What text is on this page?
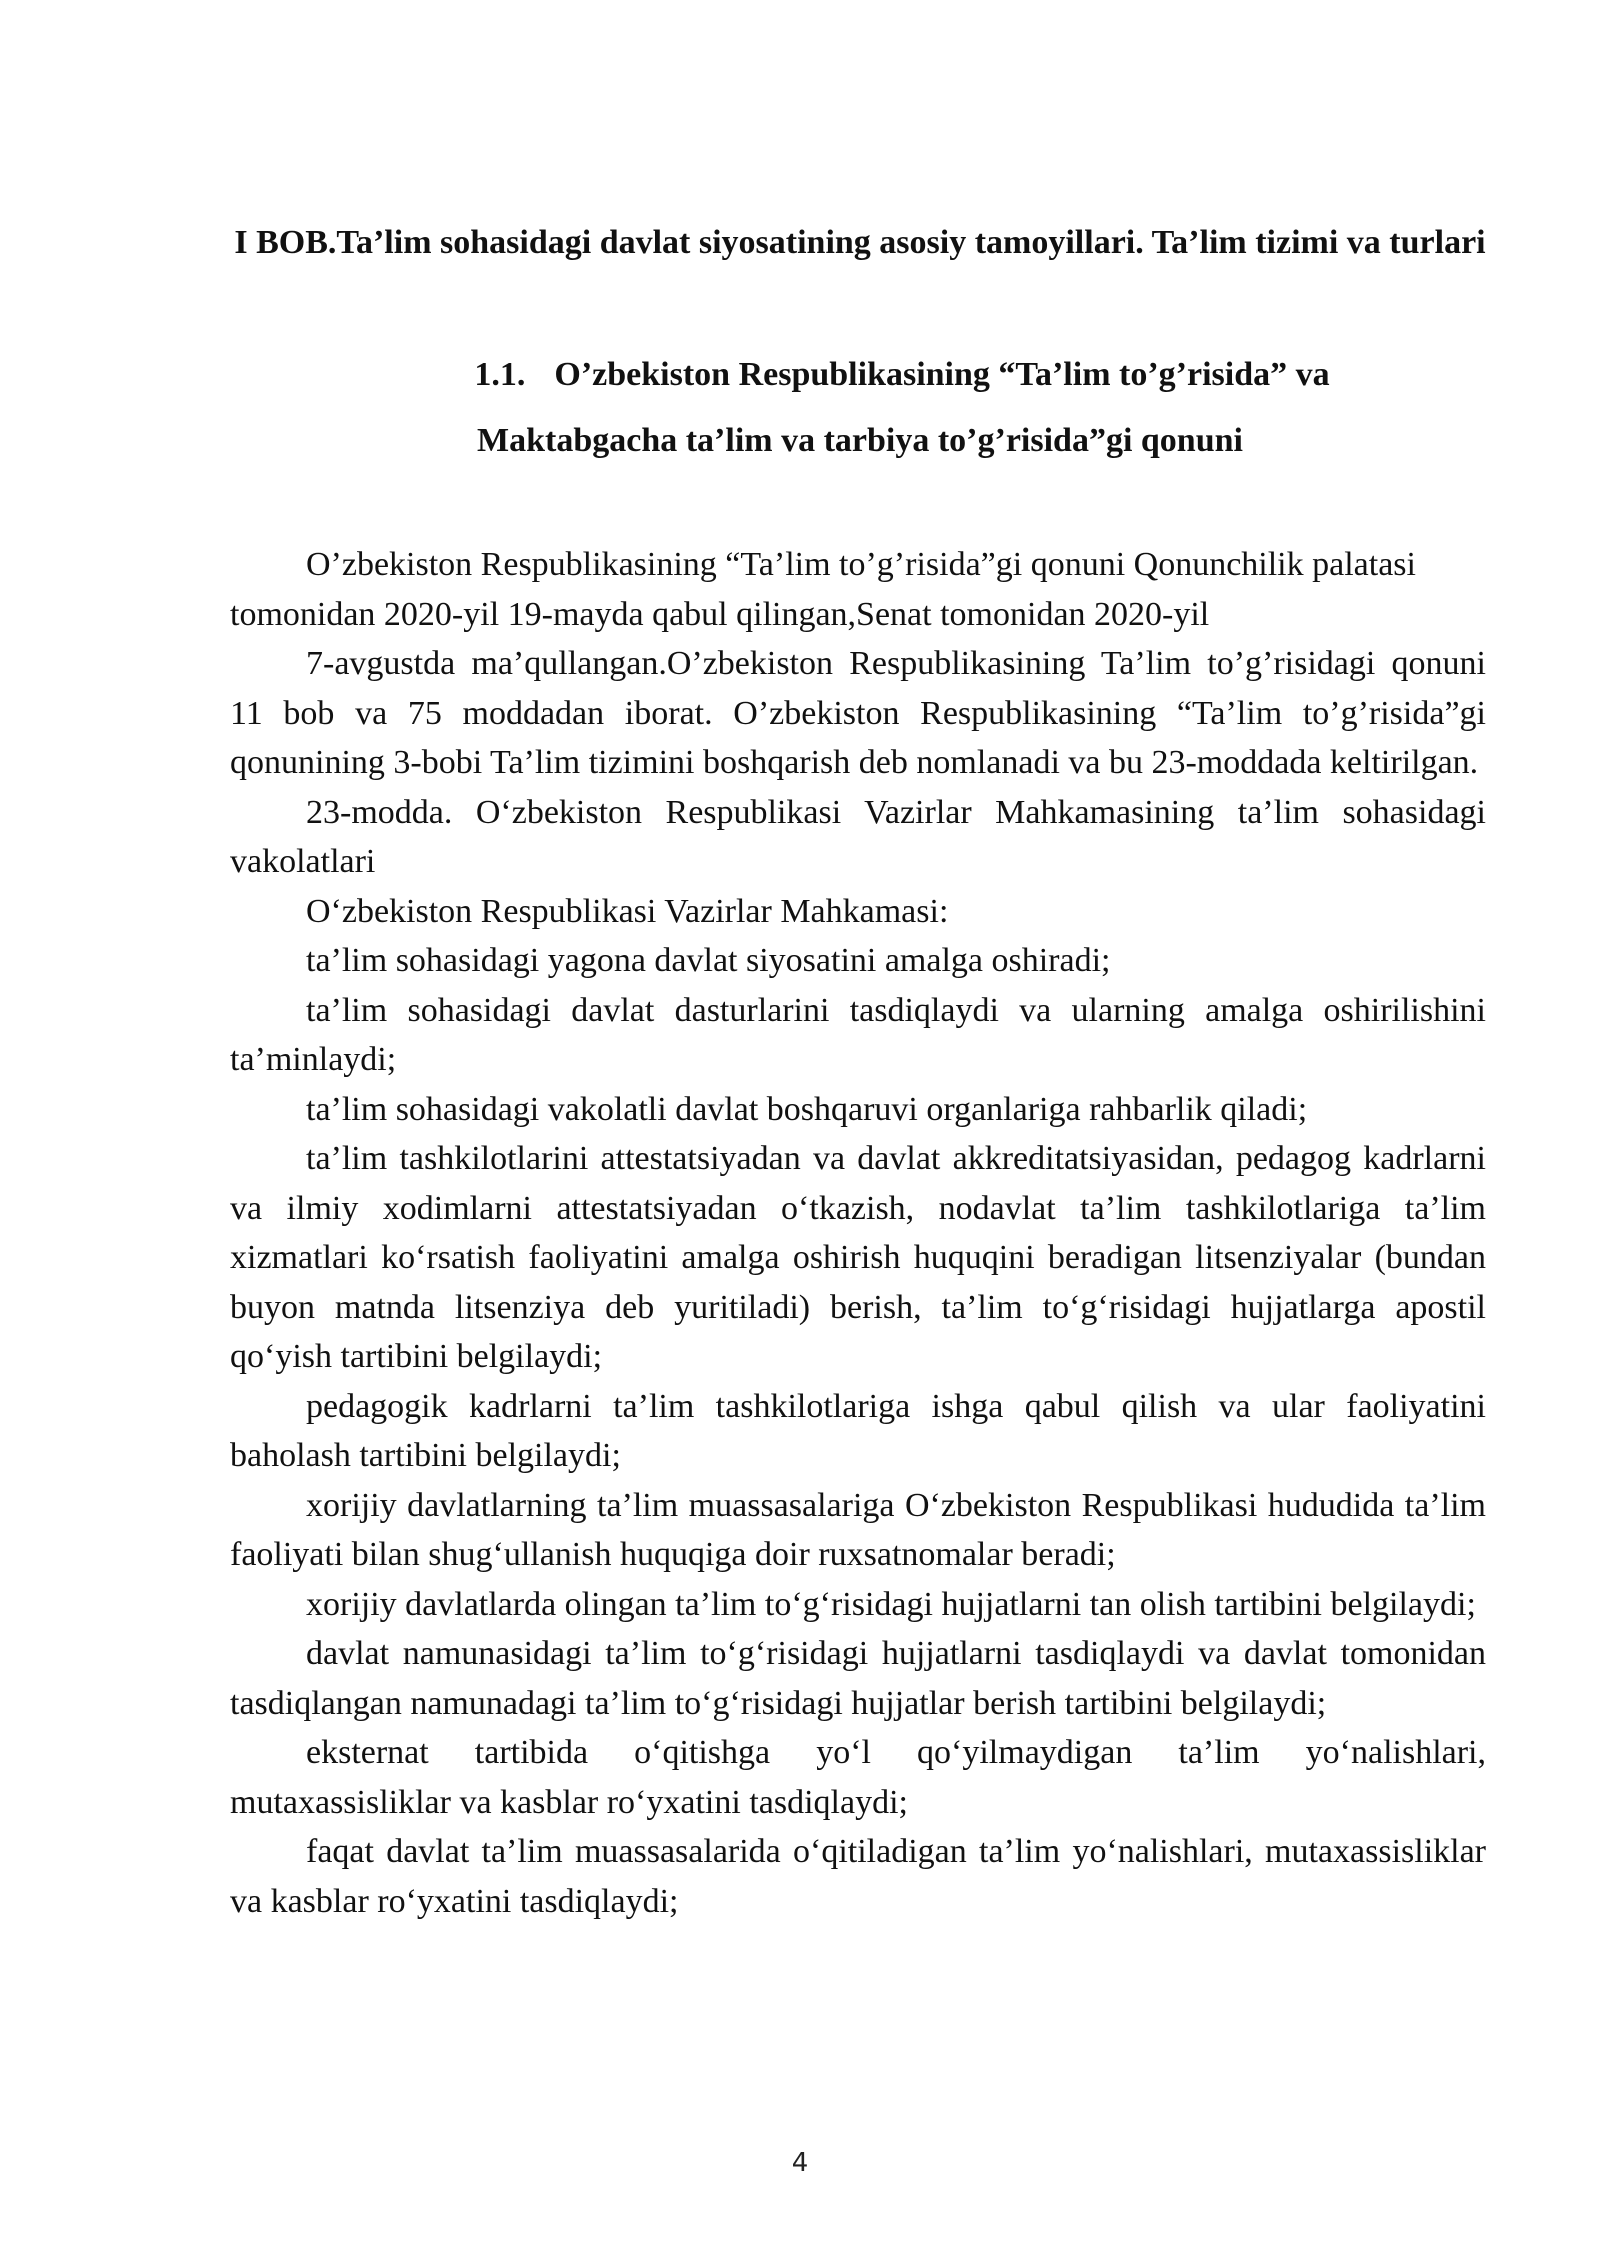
I BOB.Ta’lim sohasidagi davlat siyosatining asosiy tamoyillari. Ta’lim tizimi va turlari
1.1. O’zbekiston Respublikasining “Ta’lim to’g’risida” va
Maktabgacha ta’lim va tarbiya to’g’risida”gi qonuni

O’zbekiston Respublikasining “Ta’lim to’g’risida”gi qonuni Qonunchilik palatasi tomonidan 2020-yil 19-mayda qabul qilingan,Senat tomonidan 2020-yil

7-avgustda ma’qullangan.O’zbekiston Respublikasining Ta’lim to’g’risidagi qonuni 11 bob va 75 moddadan iborat. O’zbekiston Respublikasining “Ta’lim to’g’risida”gi qonunining 3-bobi Ta’lim tizimini boshqarish deb nomlanadi va bu 23-moddada keltirilgan.

23-modda. O‘zbekiston Respublikasi Vazirlar Mahkamasining ta’lim sohasidagi vakolatlari

O‘zbekiston Respublikasi Vazirlar Mahkamasi:

ta’lim sohasidagi yagona davlat siyosatini amalga oshiradi;

ta’lim sohasidagi davlat dasturlarini tasdiqlaydi va ularning amalga oshirilishini ta’minlaydi;

ta’lim sohasidagi vakolatli davlat boshqaruvi organlariga rahbarlik qiladi;

ta’lim tashkilotlarini attestatsiyadan va davlat akkreditatsiyasidan, pedagog kadrlarni va ilmiy xodimlarni attestatsiyadan o‘tkazish, nodavlat ta’lim tashkilotlariga ta’lim xizmatlari ko‘rsatish faoliyatini amalga oshirish huquqini beradigan litsenziyalar (bundan buyon matnda litsenziya deb yuritiladi) berish, ta’lim to‘g‘risidagi hujjatlarga apostil qo‘yish tartibini belgilaydi;

pedagogik kadrlarni ta’lim tashkilotlariga ishga qabul qilish va ular faoliyatini baholash tartibini belgilaydi;

xorijiy davlatlarning ta’lim muassasalariga O‘zbekiston Respublikasi hududida ta’lim faoliyati bilan shug‘ullanish huquqiga doir ruxsatnomalar beradi;

xorijiy davlatlarda olingan ta’lim to‘g‘risidagi hujjatlarni tan olish tartibini belgilaydi;

davlat namunasidagi ta’lim to‘g‘risidagi hujjatlarni tasdiqlaydi va davlat tomonidan tasdiqlangan namunadagi ta’lim to‘g‘risidagi hujjatlar berish tartibini belgilaydi;

eksternat tartibida o‘qitishga yo‘l qo‘yilmaydigan ta’lim yo‘nalishlari, mutaxassisliklar va kasblar ro‘yxatini tasdiqlaydi;

faqat davlat ta’lim muassasalarida o‘qitiladigan ta’lim yo‘nalishlari, mutaxassisliklar va kasblar ro‘yxatini tasdiqlaydi;

4
